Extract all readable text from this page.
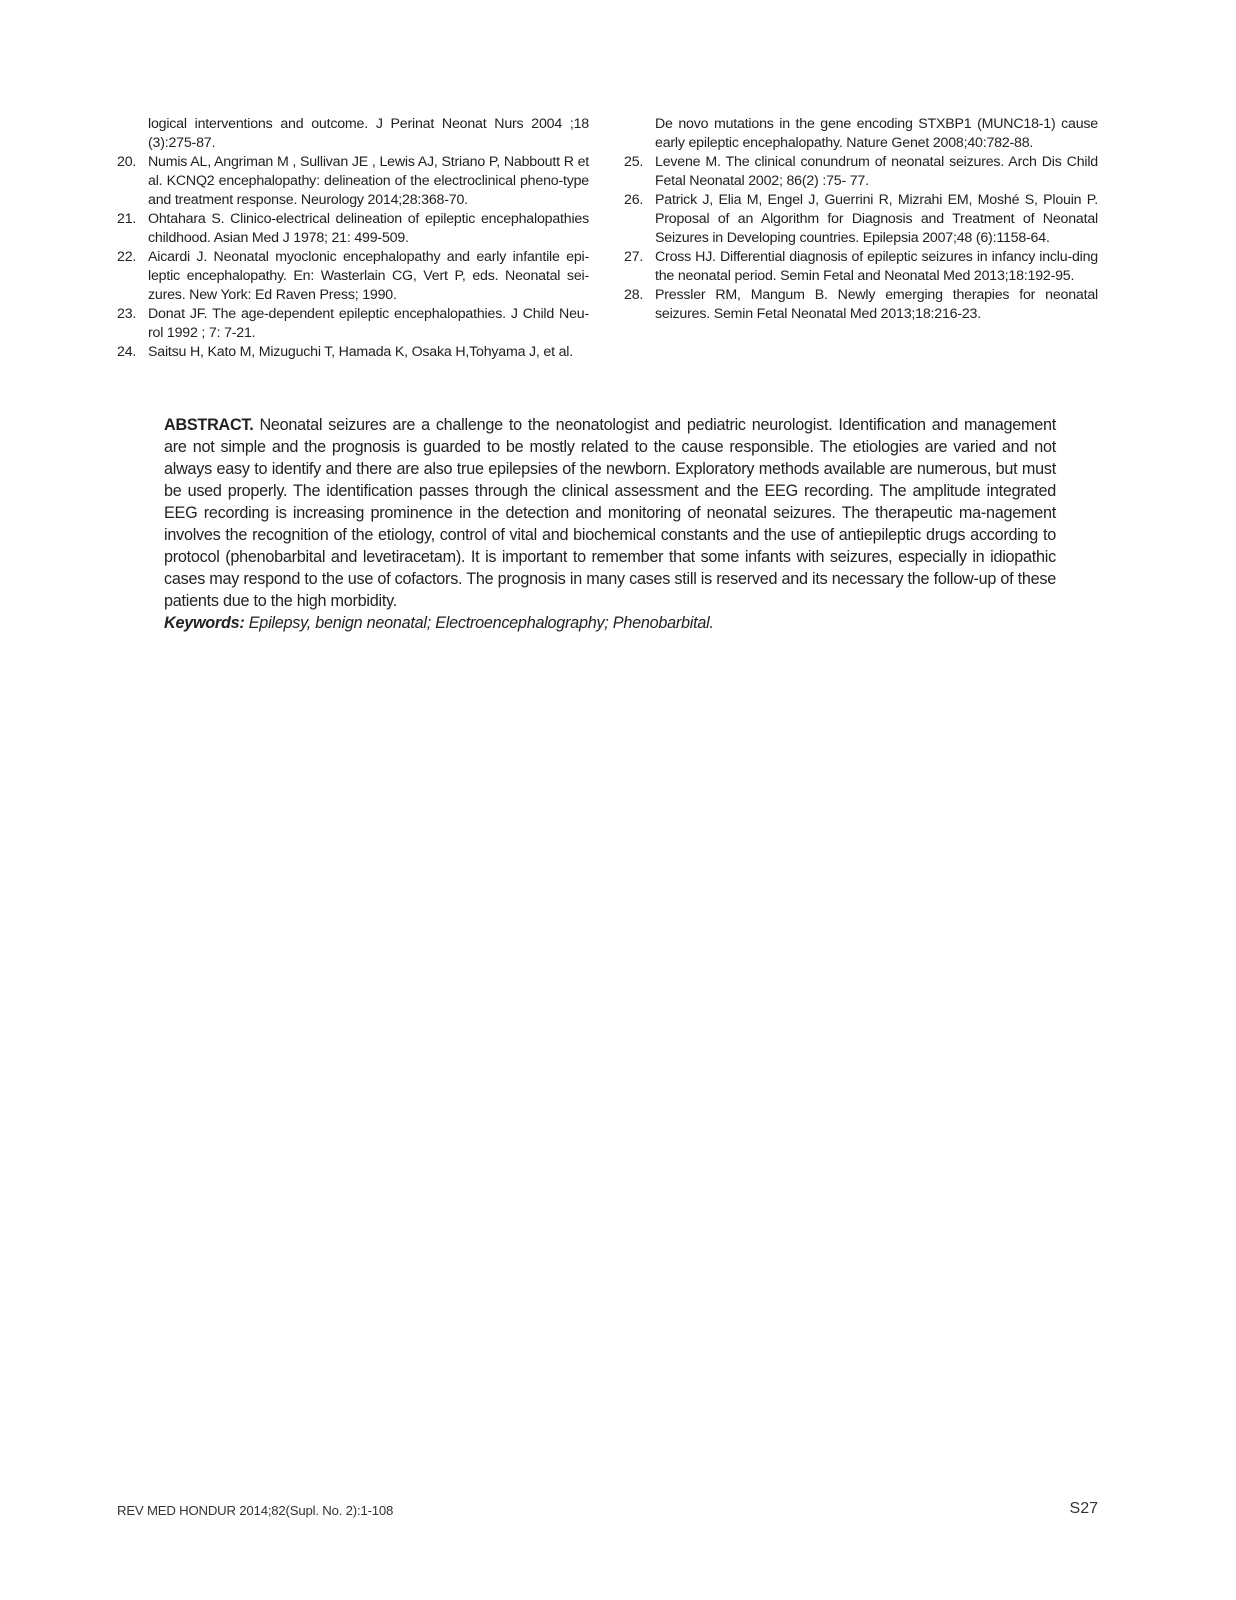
logical interventions and outcome. J Perinat Neonat Nurs 2004 ;18 (3):275-87.
20. Numis AL, Angriman M , Sullivan JE , Lewis AJ, Striano P, Nabboutt R et al. KCNQ2 encephalopathy: delineation of the electroclinical pheno-type and treatment response. Neurology 2014;28:368-70.
21. Ohtahara S. Clinico-electrical delineation of epileptic encephalopathies childhood. Asian Med J 1978; 21: 499-509.
22. Aicardi J. Neonatal myoclonic encephalopathy and early infantile epi-leptic encephalopathy. En: Wasterlain CG, Vert P, eds. Neonatal sei-zures. New York: Ed Raven Press; 1990.
23. Donat JF. The age-dependent epileptic encephalopathies. J Child Neu-rol 1992 ; 7: 7-21.
24. Saitsu H, Kato M, Mizuguchi T, Hamada K, Osaka H,Tohyama J, et al.
De novo mutations in the gene encoding STXBP1 (MUNC18-1) cause early epileptic encephalopathy. Nature Genet 2008;40:782-88.
25. Levene M. The clinical conundrum of neonatal seizures. Arch Dis Child Fetal Neonatal 2002; 86(2) :75- 77.
26. Patrick J, Elia M, Engel J, Guerrini R, Mizrahi EM, Moshé S, Plouin P. Proposal of an Algorithm for Diagnosis and Treatment of Neonatal Seizures in Developing countries. Epilepsia 2007;48 (6):1158-64.
27. Cross HJ. Differential diagnosis of epileptic seizures in infancy inclu-ding the neonatal period. Semin Fetal and Neonatal Med 2013;18:192-95.
28. Pressler RM, Mangum B. Newly emerging therapies for neonatal seizures. Semin Fetal Neonatal Med 2013;18:216-23.
ABSTRACT. Neonatal seizures are a challenge to the neonatologist and pediatric neurologist. Identification and management are not simple and the prognosis is guarded to be mostly related to the cause responsible. The etiologies are varied and not always easy to identify and there are also true epilepsies of the newborn. Exploratory methods available are numerous, but must be used properly. The identification passes through the clinical assessment and the EEG recording. The amplitude integrated EEG recording is increasing prominence in the detection and monitoring of neonatal seizures. The therapeutic ma-nagement involves the recognition of the etiology, control of vital and biochemical constants and the use of antiepileptic drugs according to protocol (phenobarbital and levetiracetam). It is important to remember that some infants with seizures, especially in idiopathic cases may respond to the use of cofactors. The prognosis in many cases still is reserved and its necessary the follow-up of these patients due to the high morbidity.
Keywords: Epilepsy, benign neonatal; Electroencephalography; Phenobarbital.
REV MED HONDUR 2014;82(Supl. No. 2):1-108	S27
